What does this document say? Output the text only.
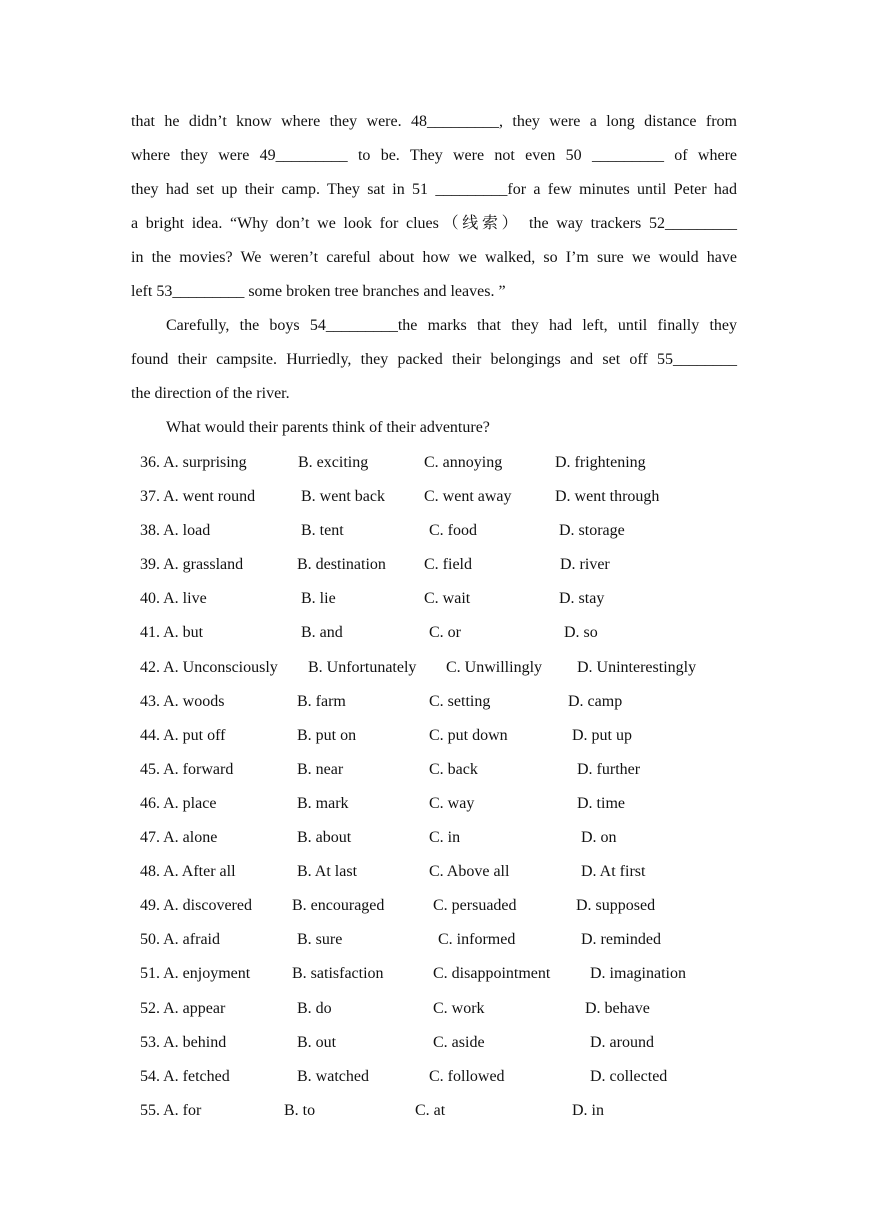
that he didn’t know where they were. 48_________, they were a long distance from
where they were 49_________ to be. They were not even 50 _________ of where
they had set up their camp. They sat in 51 _________for a few minutes until Peter had
a bright idea. “Why don’t we look for clues（线索） the way trackers 52_________
in the movies? We weren’t careful about how we walked, so I’m sure we would have
left 53_________ some broken tree branches and leaves. ”
Carefully, the boys 54_________the marks that they had left, until finally they
found their campsite. Hurriedly, they packed their belongings and set off 55________
the direction of the river.
What would their parents think of their adventure?
36. A. surprising	B. exciting	C. annoying	D. frightening
37. A. went round	B. went back C. went away	D. went through
38. A. load	B. tent	C. food	D. storage
39. A. grassland	B. destination C. field	D. river
40. A. live	B. lie	C. wait	D. stay
41. A. but	B. and	C. or	D. so
42. A. Unconsciously B. Unfortunately C. Unwillingly D. Uninterestingly
43. A. woods	B. farm	C. setting	D. camp
44. A. put off	B. put on	C. put down	D. put up
45. A. forward	B. near	C. back	D. further
46. A. place	B. mark	C. way	D. time
47. A. alone	B. about	C. in	D. on
48. A. After all	B. At last	C. Above all	D. At first
49. A. discovered	B. encouraged	C. persuaded	D. supposed
50. A. afraid	B. sure	C. informed	D. reminded
51. A. enjoyment	B. satisfaction	C. disappointment D. imagination
52. A. appear	B. do	C. work	D. behave
53. A. behind	B. out	C. aside	D. around
54. A. fetched	B. watched	C. followed	D. collected
55. A. for	B. to	C. at	D. in
